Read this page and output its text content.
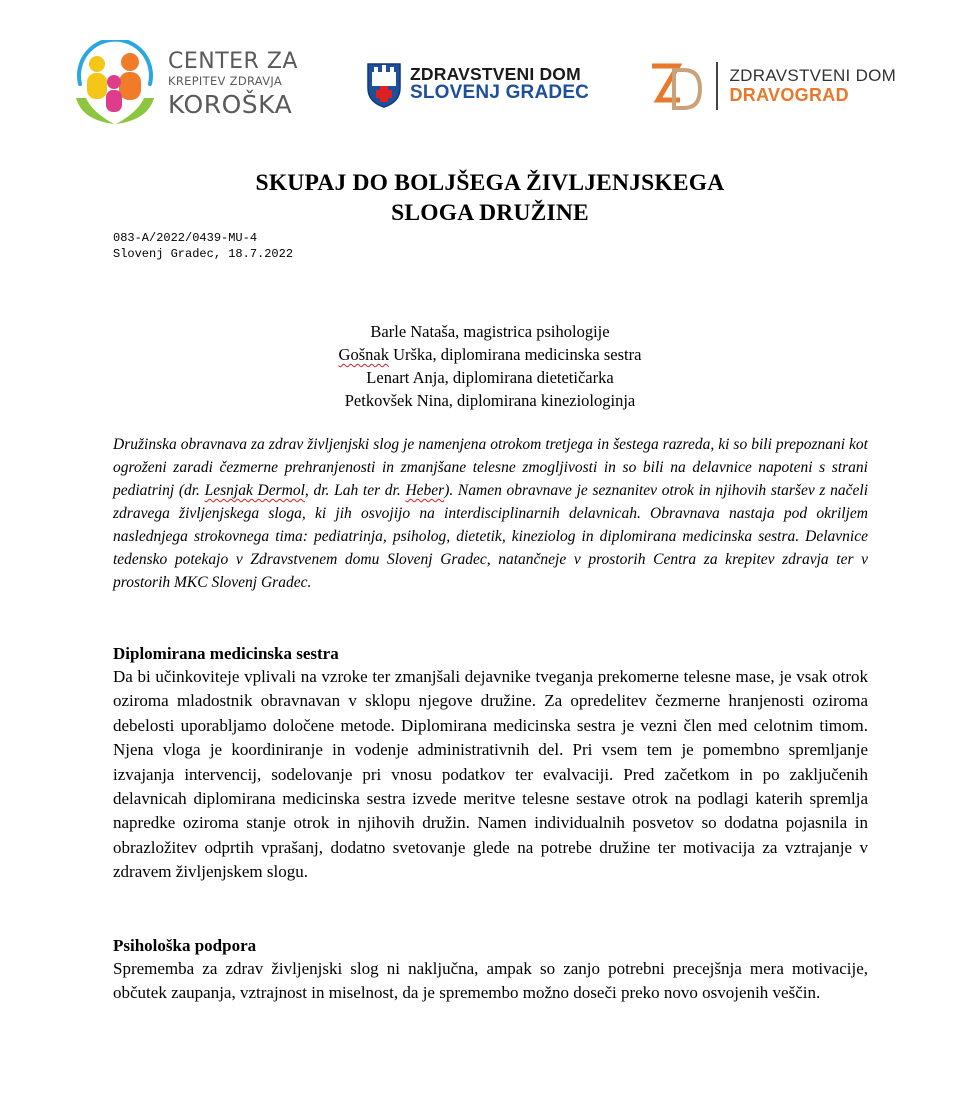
CENTER ZA
KREPITEV ZDRAVJA
KOROŠKA
ZDRAVSTVENI DOM
SLOVENJ GRADEC
ZDRAVSTVENI DOM
DRAVOGRAD
SKUPAJ DO BOLJŠEGA ŽIVLJENJSKEGA
SLOGA DRUŽINE
083-A/2022/0439-MU-4
Slovenj Gradec, 18.7.2022
Barle Nataša, magistrica psihologije
Gošnak Urška, diplomirana medicinska sestra
Lenart Anja, diplomirana dietetičarka
Petkovšek Nina, diplomirana kineziologinja
Družinska obravnava za zdrav življenjski slog je namenjena otrokom tretjega in šestega razreda, ki so bili prepoznani kot ogroženi zaradi čezmerne prehranjenosti in zmanjšane telesne zmogljivosti in so bili na delavnice napoteni s strani pediatrinj (dr. Lesnjak Dermol, dr. Lah ter dr. Heber). Namen obravnave je seznanitev otrok in njihovih staršev z načeli zdravega življenjskega sloga, ki jih osvojijo na interdisciplinarnih delavnicah. Obravnava nastaja pod okriljem naslednjega strokovnega tima: pediatrinja, psiholog, dietetik, kineziolog in diplomirana medicinska sestra. Delavnice tedensko potekajo v Zdravstvenem domu Slovenj Gradec, natančneje v prostorih Centra za krepitev zdravja ter v prostorih MKC Slovenj Gradec.
Diplomirana medicinska sestra
Da bi učinkoviteje vplivali na vzroke ter zmanjšali dejavnike tveganja prekomerne telesne mase, je vsak otrok oziroma mladostnik obravnavan v sklopu njegove družine. Za opredelitev čezmerne hranjenosti oziroma debelosti uporabljamo določene metode. Diplomirana medicinska sestra je vezni člen med celotnim timom. Njena vloga je koordiniranje in vodenje administrativnih del. Pri vsem tem je pomembno spremljanje izvajanja intervencij, sodelovanje pri vnosu podatkov ter evalvaciji. Pred začetkom in po zaključenih delavnicah diplomirana medicinska sestra izvede meritve telesne sestave otrok na podlagi katerih spremlja napredke oziroma stanje otrok in njihovih družin. Namen individualnih posvetov so dodatna pojasnila in obrazložitev odprtih vprašanj, dodatno svetovanje glede na potrebe družine ter motivacija za vztrajanje v zdravem življenjskem slogu.
Psihološka podpora
Sprememba za zdrav življenjski slog ni naključna, ampak so zanjo potrebni precejšnja mera motivacije, občutek zaupanja, vztrajnost in miselnost, da je spremembo možno doseči preko novo osvojenih veščin.
